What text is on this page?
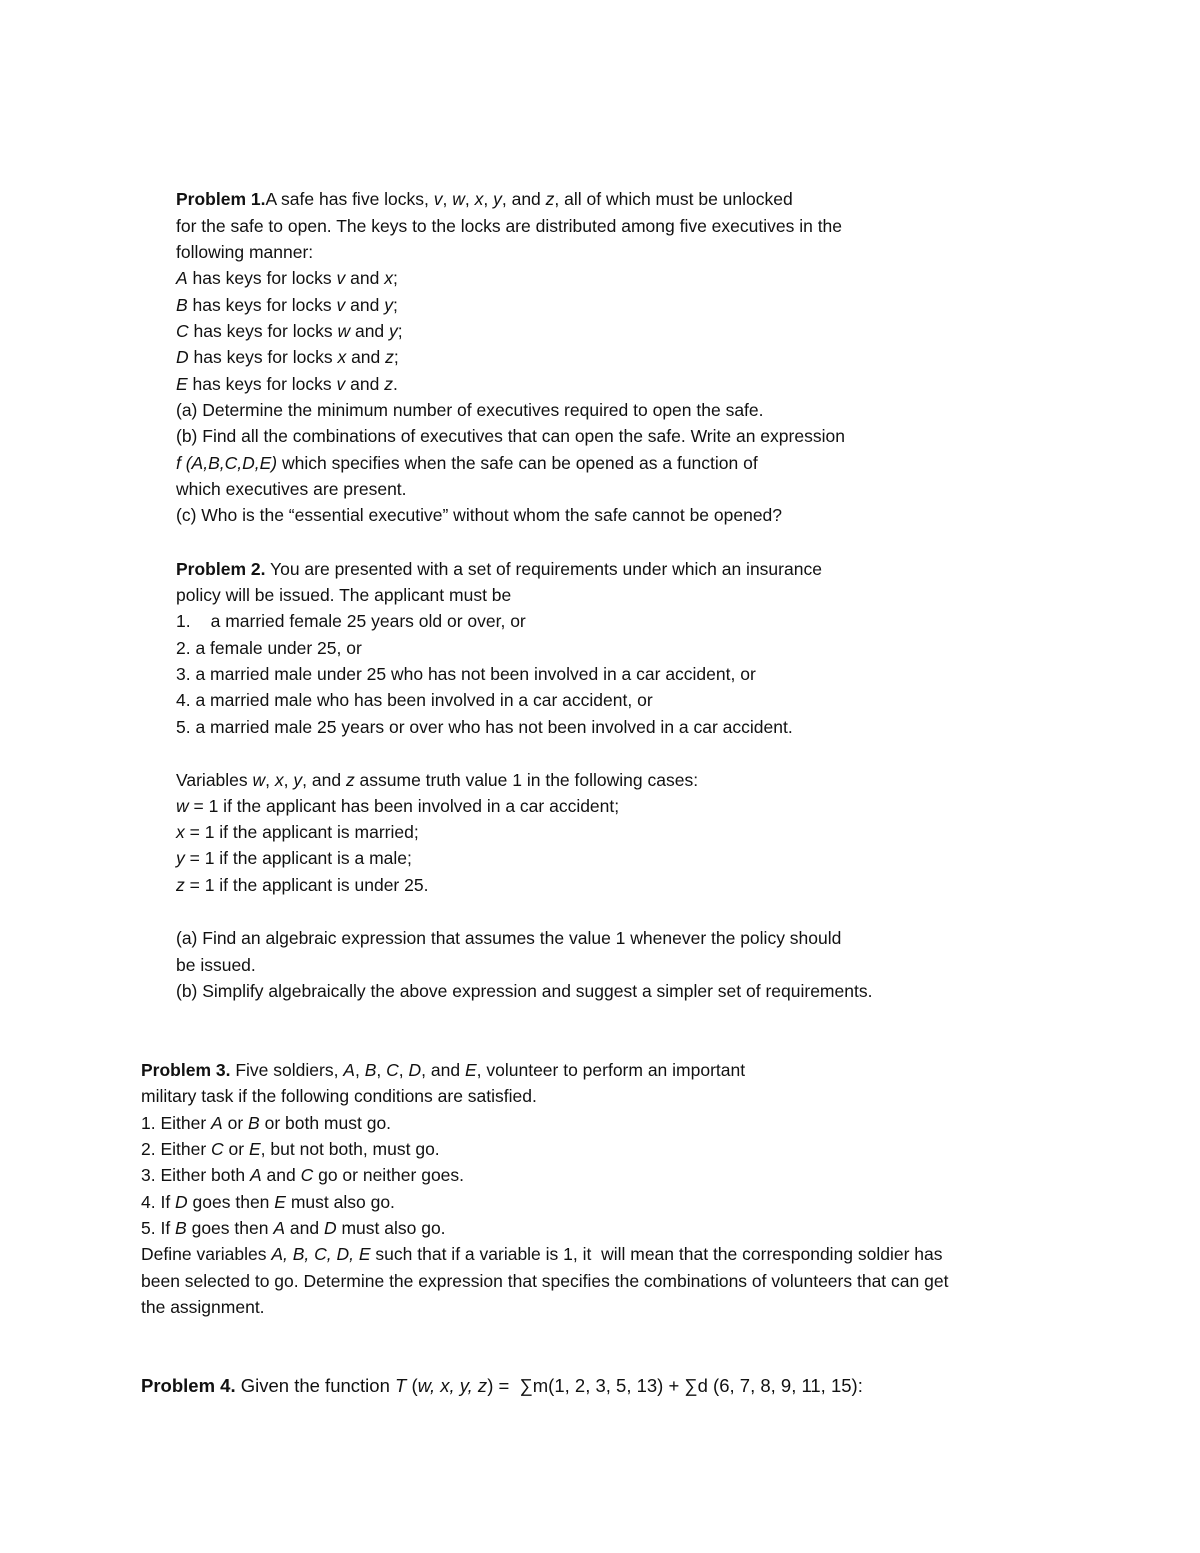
Problem 1.A safe has five locks, v, w, x, y, and z, all of which must be unlocked
for the safe to open. The keys to the locks are distributed among five executives in the
following manner:
A has keys for locks v and x;
B has keys for locks v and y;
C has keys for locks w and y;
D has keys for locks x and z;
E has keys for locks v and z.
(a) Determine the minimum number of executives required to open the safe.
(b) Find all the combinations of executives that can open the safe. Write an expression
f (A,B,C,D,E) which specifies when the safe can be opened as a function of
which executives are present.
(c) Who is the “essential executive” without whom the safe cannot be opened?
Problem 2. You are presented with a set of requirements under which an insurance
policy will be issued. The applicant must be
1. a married female 25 years old or over, or
2. a female under 25, or
3. a married male under 25 who has not been involved in a car accident, or
4. a married male who has been involved in a car accident, or
5. a married male 25 years or over who has not been involved in a car accident.
Variables w, x, y, and z assume truth value 1 in the following cases:
w = 1 if the applicant has been involved in a car accident;
x = 1 if the applicant is married;
y = 1 if the applicant is a male;
z = 1 if the applicant is under 25.
(a) Find an algebraic expression that assumes the value 1 whenever the policy should
be issued.
(b) Simplify algebraically the above expression and suggest a simpler set of requirements.
Problem 3. Five soldiers, A, B, C, D, and E, volunteer to perform an important
military task if the following conditions are satisfied.
1. Either A or B or both must go.
2. Either C or E, but not both, must go.
3. Either both A and C go or neither goes.
4. If D goes then E must also go.
5. If B goes then A and D must also go.
Define variables A, B, C, D, E such that if a variable is 1, it  will mean that the corresponding soldier has
been selected to go. Determine the expression that specifies the combinations of volunteers that can get
the assignment.
Problem 4. Given the function T (w, x, y, z) =  ∑m(1, 2, 3, 5, 13) + ∑d (6, 7, 8, 9, 11, 15):
